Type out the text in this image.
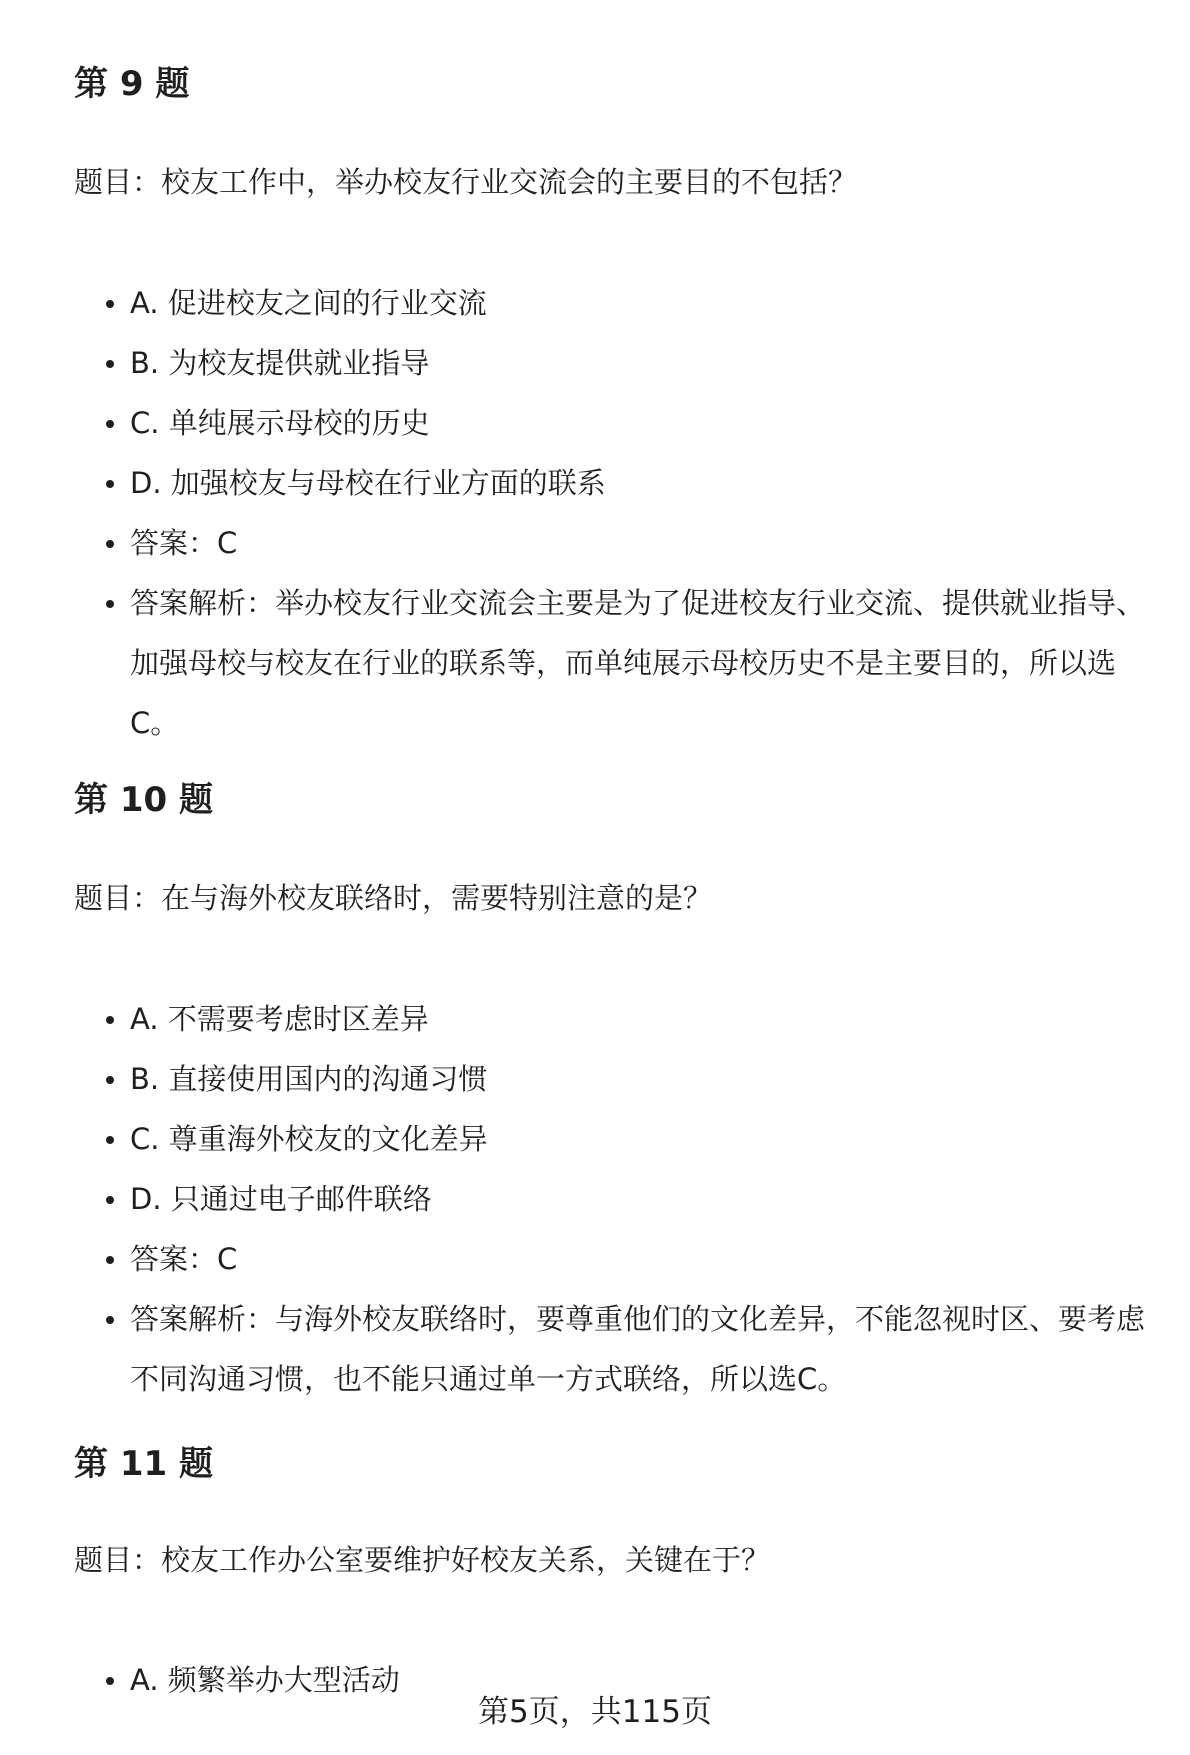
第 9 题

题目：校友工作中，举办校友行业交流会的主要目的不包括？

A. 促进校友之间的行业交流
B. 为校友提供就业指导
C. 单纯展示母校的历史
D. 加强校友与母校在行业方面的联系
答案：C
答案解析：举办校友行业交流会主要是为了促进校友行业交流、提供就业指导、加强母校与校友在行业的联系等，而单纯展示母校历史不是主要目的，所以选C。
第 10 题

题目：在与海外校友联络时，需要特别注意的是？

A. 不需要考虑时区差异
B. 直接使用国内的沟通习惯
C. 尊重海外校友的文化差异
D. 只通过电子邮件联络
答案：C
答案解析：与海外校友联络时，要尊重他们的文化差异，不能忽视时区、要考虑不同沟通习惯，也不能只通过单一方式联络，所以选C。
第 11 题

题目：校友工作办公室要维护好校友关系，关键在于？

A. 频繁举办大型活动
第5页，共115页
